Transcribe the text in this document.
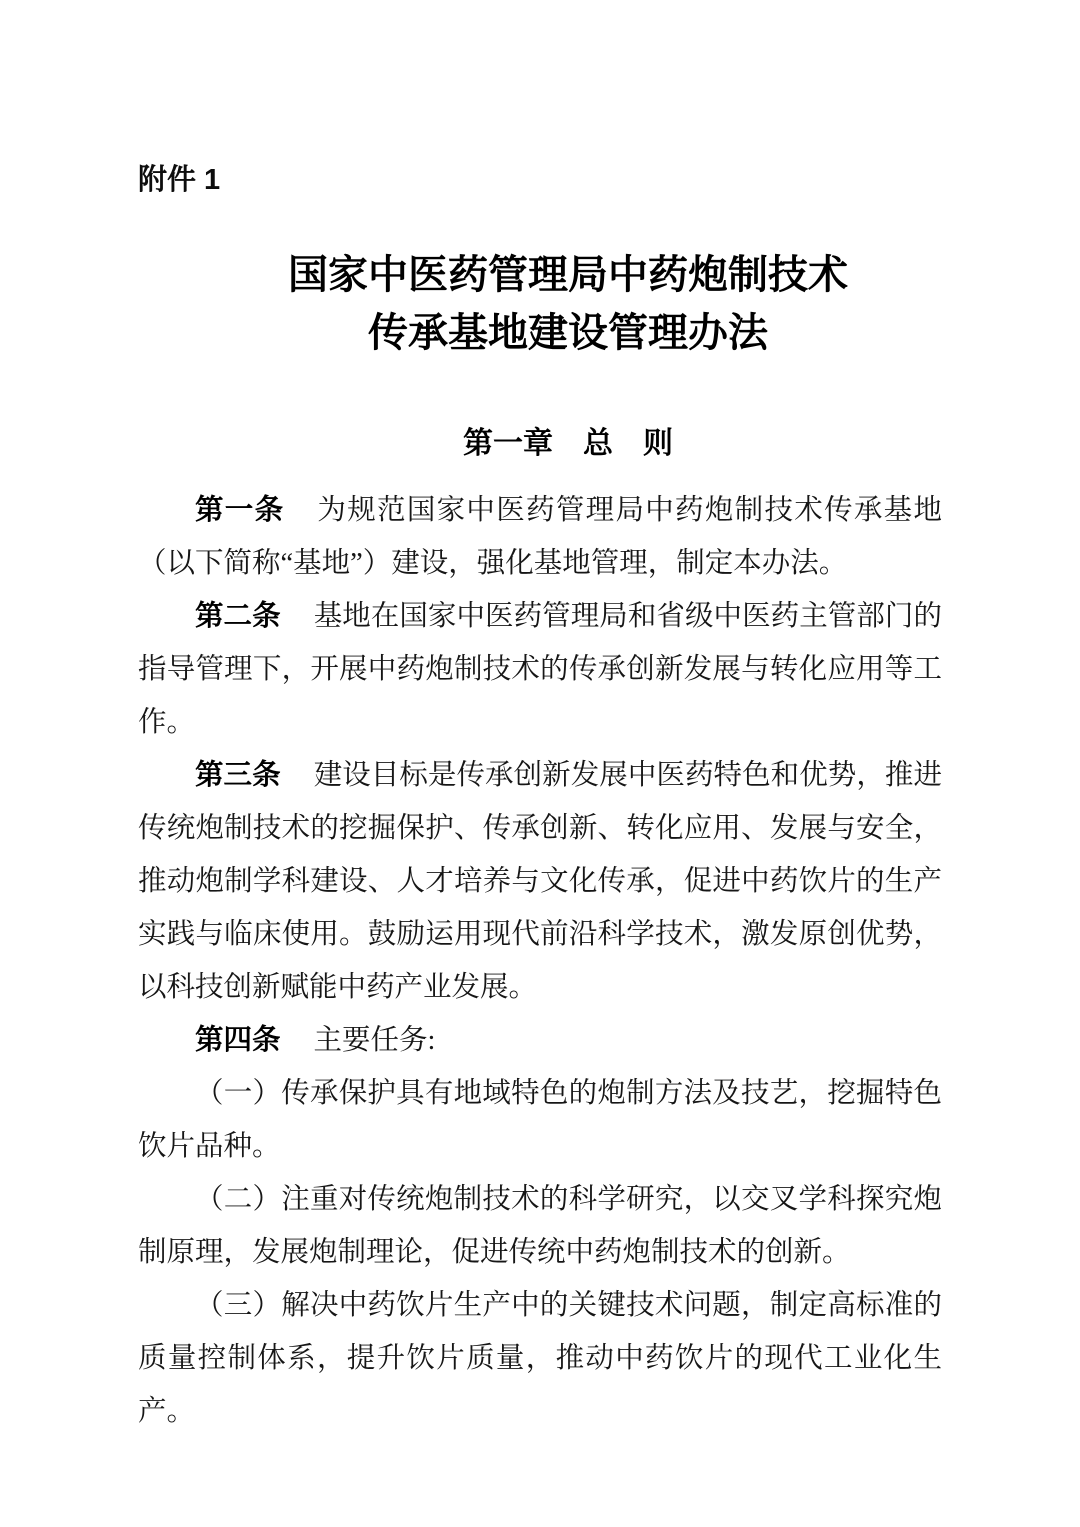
附件 1
国家中医药管理局中药炮制技术
传承基地建设管理办法
第一章　总　则

第一条 为规范国家中医药管理局中药炮制技术传承基地（以下简称“基地”）建设，强化基地管理，制定本办法。

第二条 基地在国家中医药管理局和省级中医药主管部门的指导管理下，开展中药炮制技术的传承创新发展与转化应用等工作。

第三条 建设目标是传承创新发展中医药特色和优势，推进传统炮制技术的挖掘保护、传承创新、转化应用、发展与安全，推动炮制学科建设、人才培养与文化传承，促进中药饮片的生产实践与临床使用。鼓励运用现代前沿科学技术，激发原创优势，以科技创新赋能中药产业发展。

第四条 主要任务:

（一）传承保护具有地域特色的炮制方法及技艺，挖掘特色饮片品种。

（二）注重对传统炮制技术的科学研究，以交叉学科探究炮制原理，发展炮制理论，促进传统中药炮制技术的创新。

（三）解决中药饮片生产中的关键技术问题，制定高标准的质量控制体系，提升饮片质量，推动中药饮片的现代工业化生产。
